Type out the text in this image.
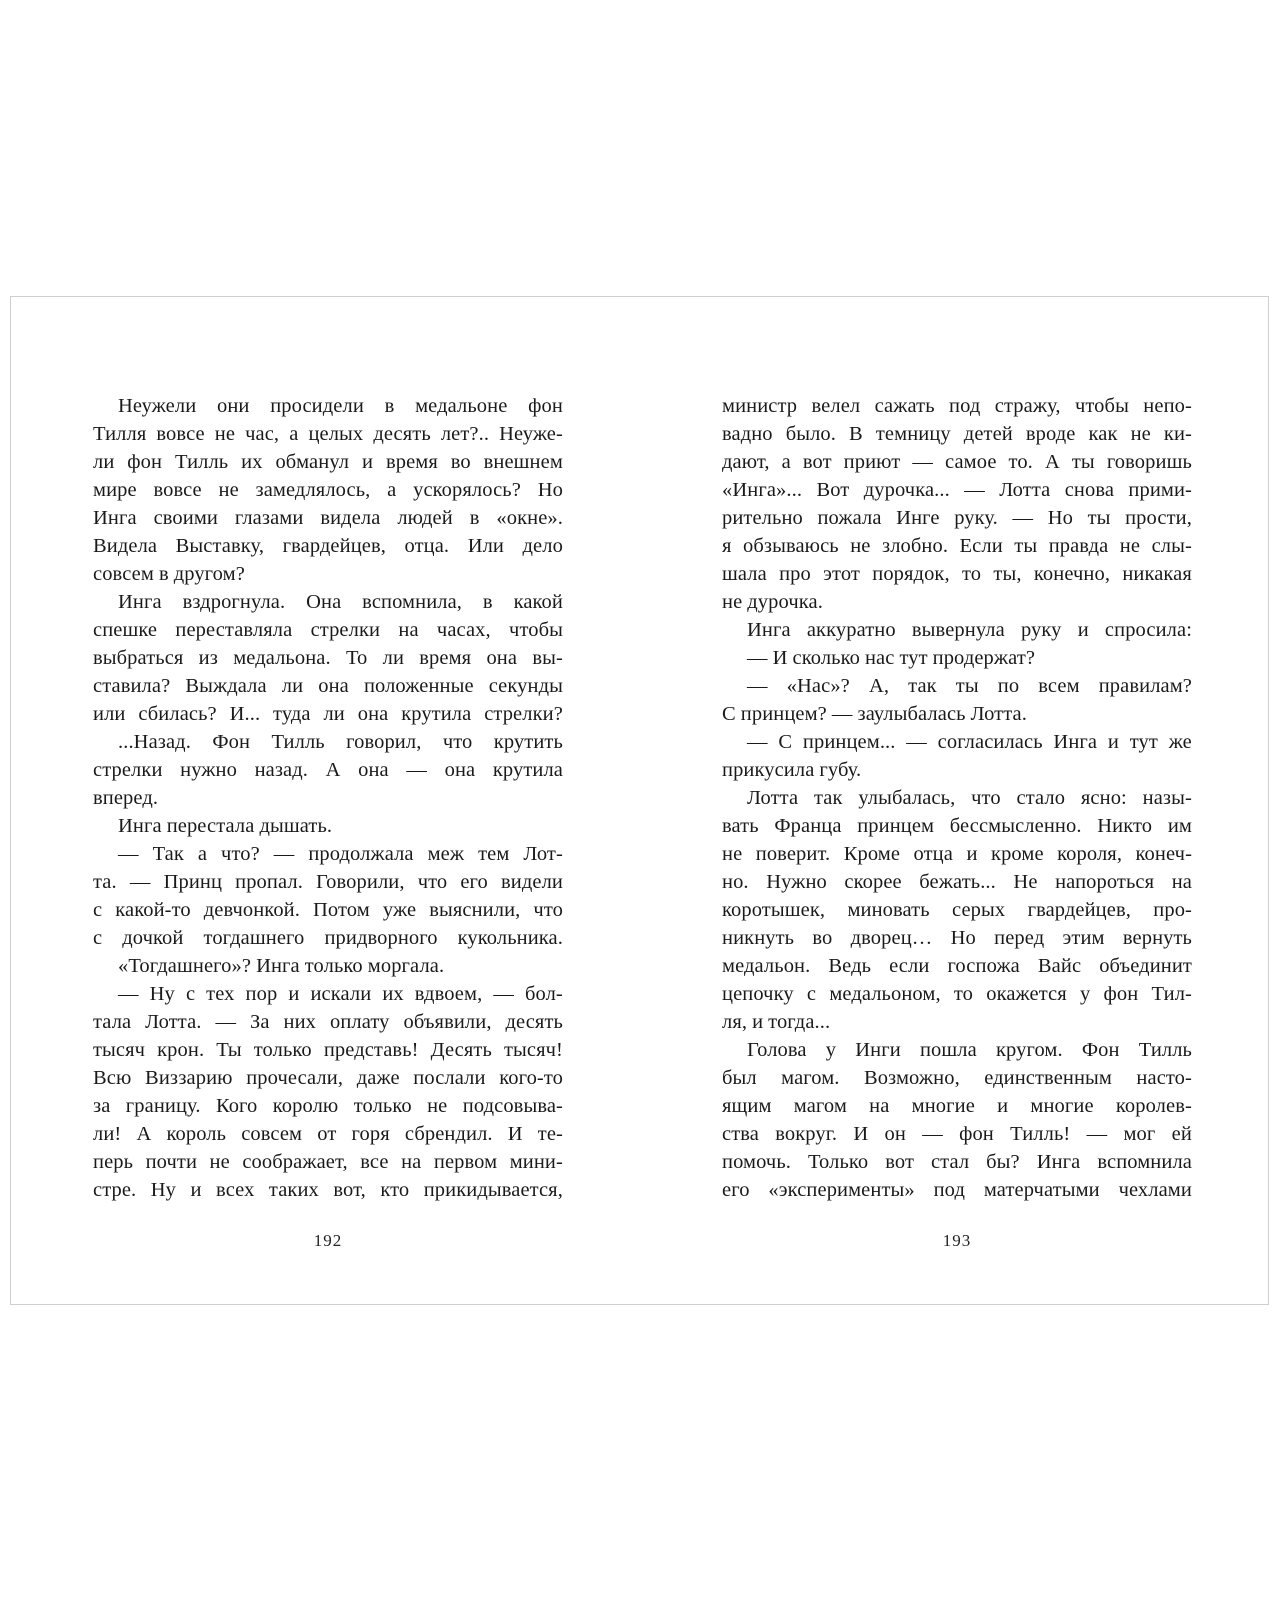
Неужели они просидели в медальоне фон
Тилля вовсе не час, а целых десять лет?.. Неуже-
ли фон Тилль их обманул и время во внешнем
мире вовсе не замедлялось, а ускорялось? Но
Инга своими глазами видела людей в «окне».
Видела Выставку, гвардейцев, отца. Или дело
совсем в другом?
Инга вздрогнула. Она вспомнила, в какой
спешке переставляла стрелки на часах, чтобы
выбраться из медальона. То ли время она вы-
ставила? Выждала ли она положенные секунды
или сбилась? И... туда ли она крутила стрелки?
...Назад. Фон Тилль говорил, что крутить
стрелки нужно назад. А она — она крутила
вперед.
Инга перестала дышать.
— Так а что? — продолжала меж тем Лот-
та. — Принц пропал. Говорили, что его видели
с какой-то девчонкой. Потом уже выяснили, что
с дочкой тогдашнего придворного кукольника.
«Тогдашнего»? Инга только моргала.
— Ну с тех пор и искали их вдвоем, — бол-
тала Лотта. — За них оплату объявили, десять
тысяч крон. Ты только представь! Десять тысяч!
Всю Виззарию прочесали, даже послали кого-то
за границу. Кого королю только не подсовыва-
ли! А король совсем от горя сбрендил. И те-
перь почти не соображает, все на первом мини-
стре. Ну и всех таких вот, кто прикидывается,
министр велел сажать под стражу, чтобы непо-
вадно было. В темницу детей вроде как не ки-
дают, а вот приют — самое то. А ты говоришь
«Инга»... Вот дурочка... — Лотта снова прими-
рительно пожала Инге руку. — Но ты прости,
я обзываюсь не злобно. Если ты правда не слы-
шала про этот порядок, то ты, конечно, никакая
не дурочка.
Инга аккуратно вывернула руку и спросила:
— И сколько нас тут продержат?
— «Нас»? А, так ты по всем правилам?
С принцем? — заулыбалась Лотта.
— С принцем... — согласилась Инга и тут же
прикусила губу.
Лотта так улыбалась, что стало ясно: назы-
вать Франца принцем бессмысленно. Никто им
не поверит. Кроме отца и кроме короля, конеч-
но. Нужно скорее бежать... Не напороться на
коротышек, миновать серых гвардейцев, про-
никнуть во дворец… Но перед этим вернуть
медальон. Ведь если госпожа Вайс объединит
цепочку с медальоном, то окажется у фон Тил-
ля, и тогда...
Голова у Инги пошла кругом. Фон Тилль
был магом. Возможно, единственным насто-
ящим магом на многие и многие королев-
ства вокруг. И он — фон Тилль! — мог ей
помочь. Только вот стал бы? Инга вспомнила
его «эксперименты» под матерчатыми чехлами
192	193
